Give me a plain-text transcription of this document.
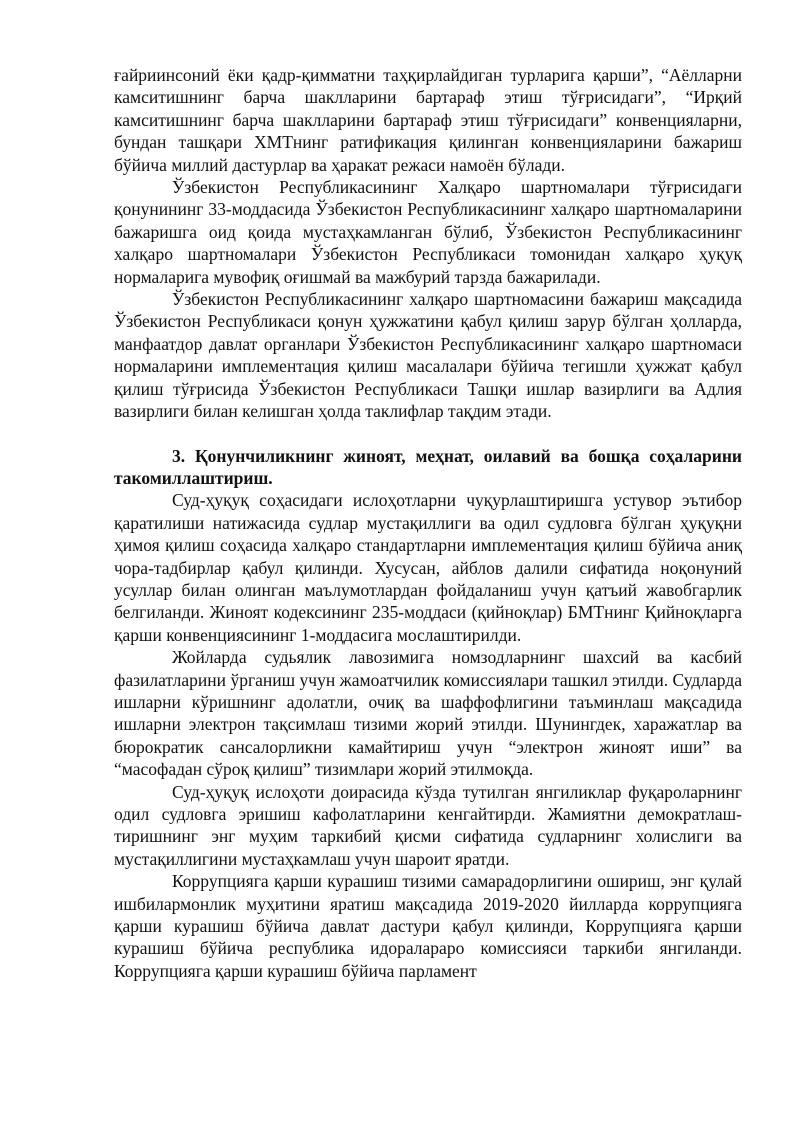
ғайриинсоний ёки қадр-қимматни таҳқирлайдиган турларига қарши”, “Аёлларни камситишнинг барча шаклларини бартараф этиш тўғрисидаги”, “Ирқий камситишнинг барча шаклларини бартараф этиш тўғрисидаги” конвенцияларни, бундан ташқари ХМТнинг ратификация қилинган конвенцияларини бажариш бўйича миллий дастурлар ва ҳаракат режаси намоён бўлади.

Ўзбекистон Республикасининг Халқаро шартномалари тўғрисидаги қонунининг 33-моддасида Ўзбекистон Республикасининг халқаро шартномаларини бажаришга оид қоида мустаҳкамланган бўлиб, Ўзбекистон Республикасининг халқаро шартномалари Ўзбекистон Республикаси томонидан халқаро ҳуқуқ нормаларига мувофиқ оғишмай ва мажбурий тарзда бажарилади.

Ўзбекистон Республикасининг халқаро шартномасини бажариш мақсадида Ўзбекистон Республикаси қонун ҳужжатини қабул қилиш зарур бўлган ҳолларда, манфаатдор давлат органлари Ўзбекистон Республикасининг халқаро шартномаси нормаларини имплементация қилиш масалалари бўйича тегишли ҳужжат қабул қилиш тўғрисида Ўзбекистон Республикаси Ташқи ишлар вазирлиги ва Адлия вазирлиги билан келишган ҳолда таклифлар тақдим этади.

3. Қонунчиликнинг жиноят, меҳнат, оилавий ва бошқа соҳаларини такомиллаштириш.

Суд-ҳуқуқ соҳасидаги ислоҳотларни чуқурлаштиришга устувор эътибор қаратилиши натижасида судлар мустақиллиги ва одил судловга бўлган ҳуқуқни ҳимоя қилиш соҳасида халқаро стандартларни имплементация қилиш бўйича аниқ чора-тадбирлар қабул қилинди. Хусусан, айблов далили сифатида ноқонуний усуллар билан олинган маълумотлардан фойдаланиш учун қатъий жавобгарлик белгиланди. Жиноят кодексининг 235-моддаси (қийноқлар) БМТнинг Қийноқларга қарши конвенциясининг 1-моддасига мослаштирилди.

Жойларда судьялик лавозимига номзодларнинг шахсий ва касбий фазилатларини ўрганиш учун жамоатчилик комиссиялари ташкил этилди. Судларда ишларни кўришнинг адолатли, очиқ ва шаффофлигини таъминлаш мақсадида ишларни электрон тақсимлаш тизими жорий этилди. Шунингдек, харажатлар ва бюрократик сансалорликни камайтириш учун “электрон жиноят иши” ва “масофадан сўроқ қилиш” тизимлари жорий этилмоқда.

Суд-ҳуқуқ ислоҳоти доирасида кўзда тутилган янгиликлар фуқароларнинг одил судловга эришиш кафолатларини кенгайтирди. Жамиятни демократлаш- тиришнинг энг муҳим таркибий қисми сифатида судларнинг холислиги ва мустақиллигини мустаҳкамлаш учун шароит яратди.

Коррупцияга қарши курашиш тизими самарадорлигини ошириш, энг қулай ишбилармонлик муҳитини яратиш мақсадида 2019-2020 йилларда коррупцияга қарши курашиш бўйича давлат дастури қабул қилинди, Коррупцияга қарши курашиш бўйича республика идоралараро комиссияси таркиби янгиланди. Коррупцияга қарши курашиш бўйича парламент
